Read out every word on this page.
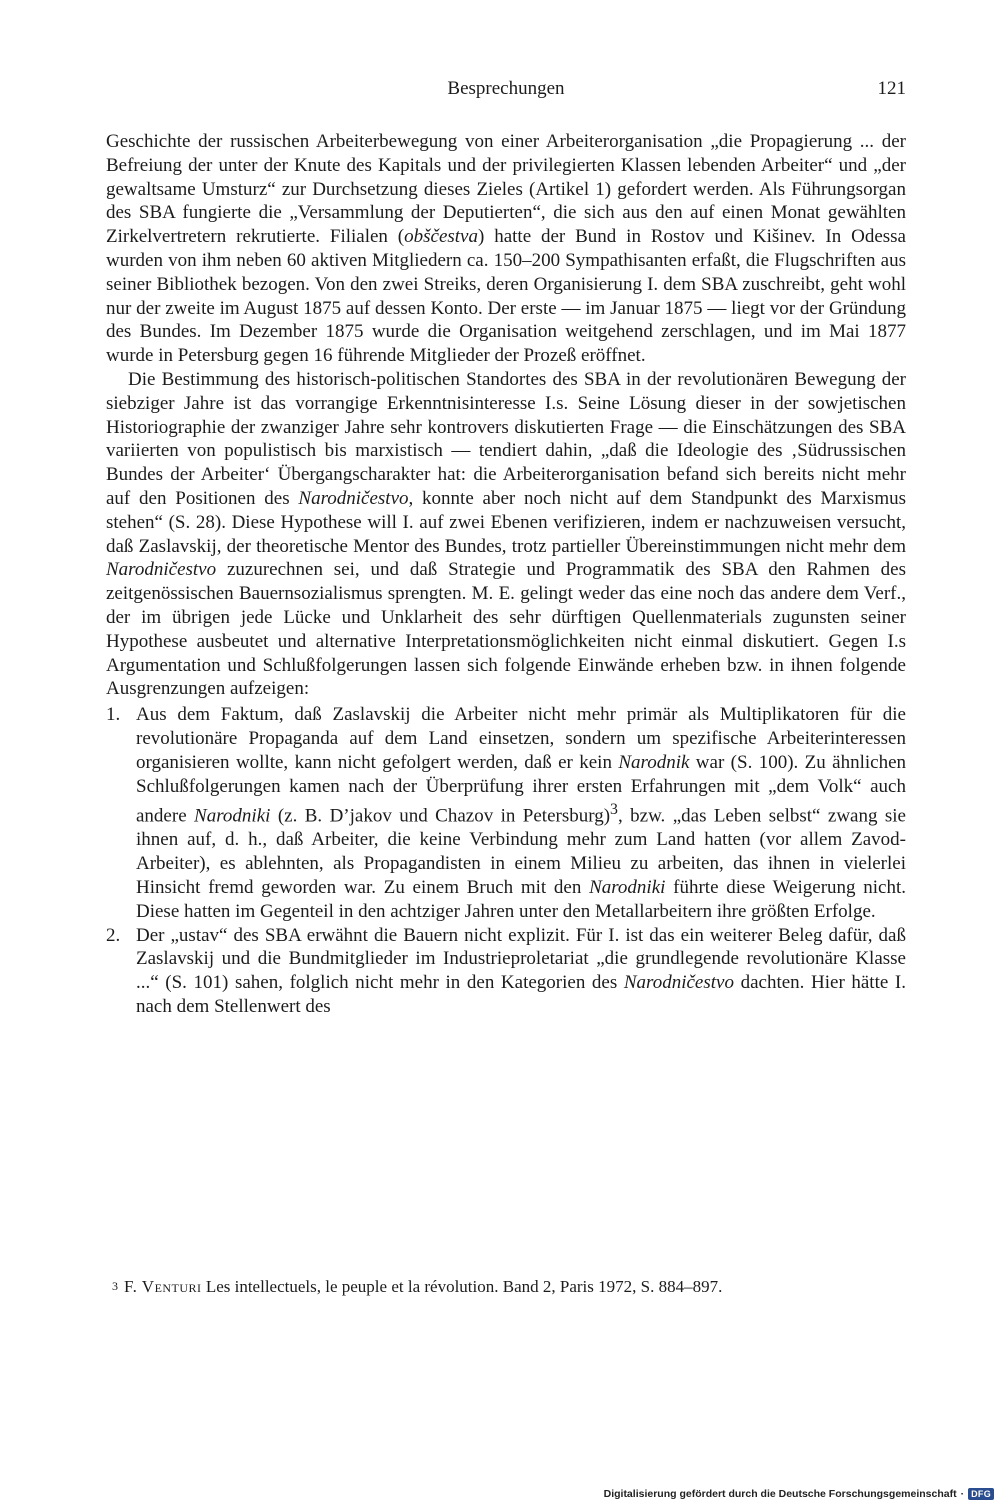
Besprechungen	121

Geschichte der russischen Arbeiterbewegung von einer Arbeiterorganisation „die Propagierung ... der Befreiung der unter der Knute des Kapitals und der privilegierten Klassen lebenden Arbeiter“ und „der gewaltsame Umsturz“ zur Durchsetzung dieses Zieles (Artikel 1) gefordert werden. Als Führungsorgan des SBA fungierte die „Versammlung der Deputierten“, die sich aus den auf einen Monat gewählten Zirkelvertretern rekrutierte. Filialen (obščestva) hatte der Bund in Rostov und Kišinev. In Odessa wurden von ihm neben 60 aktiven Mitgliedern ca. 150–200 Sympathisanten erfaßt, die Flugschriften aus seiner Bibliothek bezogen. Von den zwei Streiks, deren Organisierung I. dem SBA zuschreibt, geht wohl nur der zweite im August 1875 auf dessen Konto. Der erste — im Januar 1875 — liegt vor der Gründung des Bundes. Im Dezember 1875 wurde die Organisation weitgehend zerschlagen, und im Mai 1877 wurde in Petersburg gegen 16 führende Mitglieder der Prozeß eröffnet.

Die Bestimmung des historisch-politischen Standortes des SBA in der revolutionären Bewegung der siebziger Jahre ist das vorrangige Erkenntnisinteresse I.s. Seine Lösung dieser in der sowjetischen Historiographie der zwanziger Jahre sehr kontrovers diskutierten Frage — die Einschätzungen des SBA variierten von populistisch bis marxistisch — tendiert dahin, „daß die Ideologie des ‚Südrussischen Bundes der Arbeiter‘ Übergangscharakter hat: die Arbeiterorganisation befand sich bereits nicht mehr auf den Positionen des Narodničestvo, konnte aber noch nicht auf dem Standpunkt des Marxismus stehen“ (S. 28). Diese Hypothese will I. auf zwei Ebenen verifizieren, indem er nachzuweisen versucht, daß Zaslavskij, der theoretische Mentor des Bundes, trotz partieller Übereinstimmungen nicht mehr dem Narodničestvo zuzurechnen sei, und daß Strategie und Programmatik des SBA den Rahmen des zeitgenössischen Bauernsozialismus sprengten. M. E. gelingt weder das eine noch das andere dem Verf., der im übrigen jede Lücke und Unklarheit des sehr dürftigen Quellenmaterials zugunsten seiner Hypothese ausbeutet und alternative Interpretationsmöglichkeiten nicht einmal diskutiert. Gegen I.s Argumentation und Schlußfolgerungen lassen sich folgende Einwände erheben bzw. in ihnen folgende Ausgrenzungen aufzeigen:

1. Aus dem Faktum, daß Zaslavskij die Arbeiter nicht mehr primär als Multiplikatoren für die revolutionäre Propaganda auf dem Land einsetzen, sondern um spezifische Arbeiterinteressen organisieren wollte, kann nicht gefolgert werden, daß er kein Narodnik war (S. 100). Zu ähnlichen Schlußfolgerungen kamen nach der Überprüfung ihrer ersten Erfahrungen mit „dem Volk“ auch andere Narodniki (z. B. D’jakov und Chazov in Petersburg)$^3$, bzw. „das Leben selbst“ zwang sie ihnen auf, d. h., daß Arbeiter, die keine Verbindung mehr zum Land hatten (vor allem Zavod-Arbeiter), es ablehnten, als Propagandisten in einem Milieu zu arbeiten, das ihnen in vielerlei Hinsicht fremd geworden war. Zu einem Bruch mit den Narodniki führte diese Weigerung nicht. Diese hatten im Gegenteil in den achtziger Jahren unter den Metallarbeitern ihre größten Erfolge.
2. Der „ustav“ des SBA erwähnt die Bauern nicht explizit. Für I. ist das ein weiterer Beleg dafür, daß Zaslavskij und die Bundmitglieder im Industrieproletariat „die grundlegende revolutionäre Klasse ...“ (S. 101) sahen, folglich nicht mehr in den Kategorien des Narodničestvo dachten. Hier hätte I. nach dem Stellenwert des
$^3$ F. Venturi Les intellectuels, le peuple et la révolution. Band 2, Paris 1972, S. 884–897.
Digitalisierung gefördert durch die Deutsche Forschungsgemeinschaft · DFG
